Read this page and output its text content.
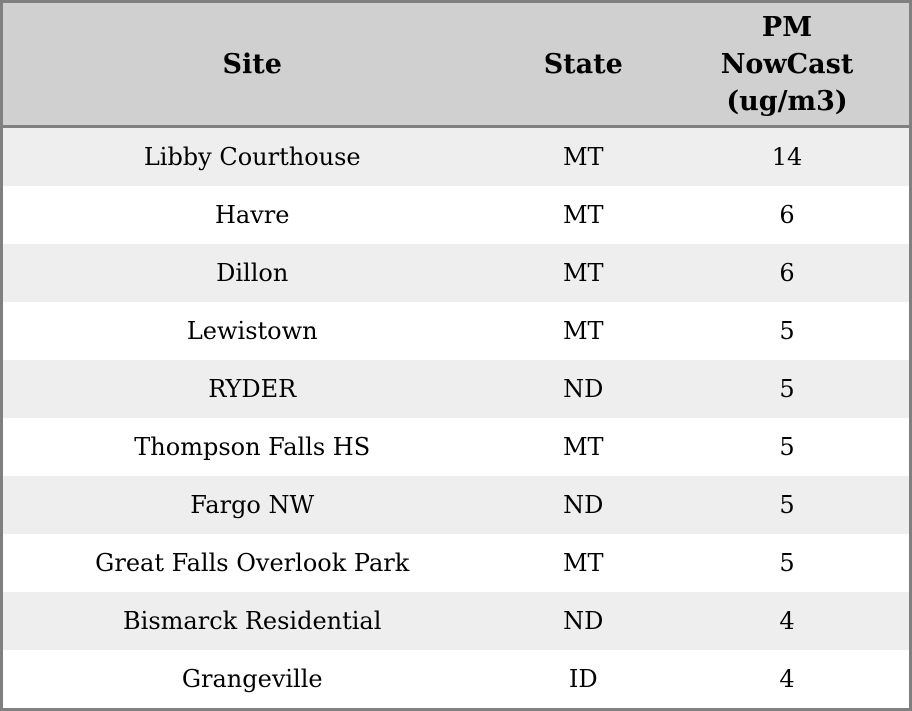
Site	State	PM NowCast (ug/m3)
Libby Courthouse	MT	14
Havre	MT	6
Dillon	MT	6
Lewistown	MT	5
RYDER	ND	5
Thompson Falls HS	MT	5
Fargo NW	ND	5
Great Falls Overlook Park	MT	5
Bismarck Residential	ND	4
Grangeville	ID	4
